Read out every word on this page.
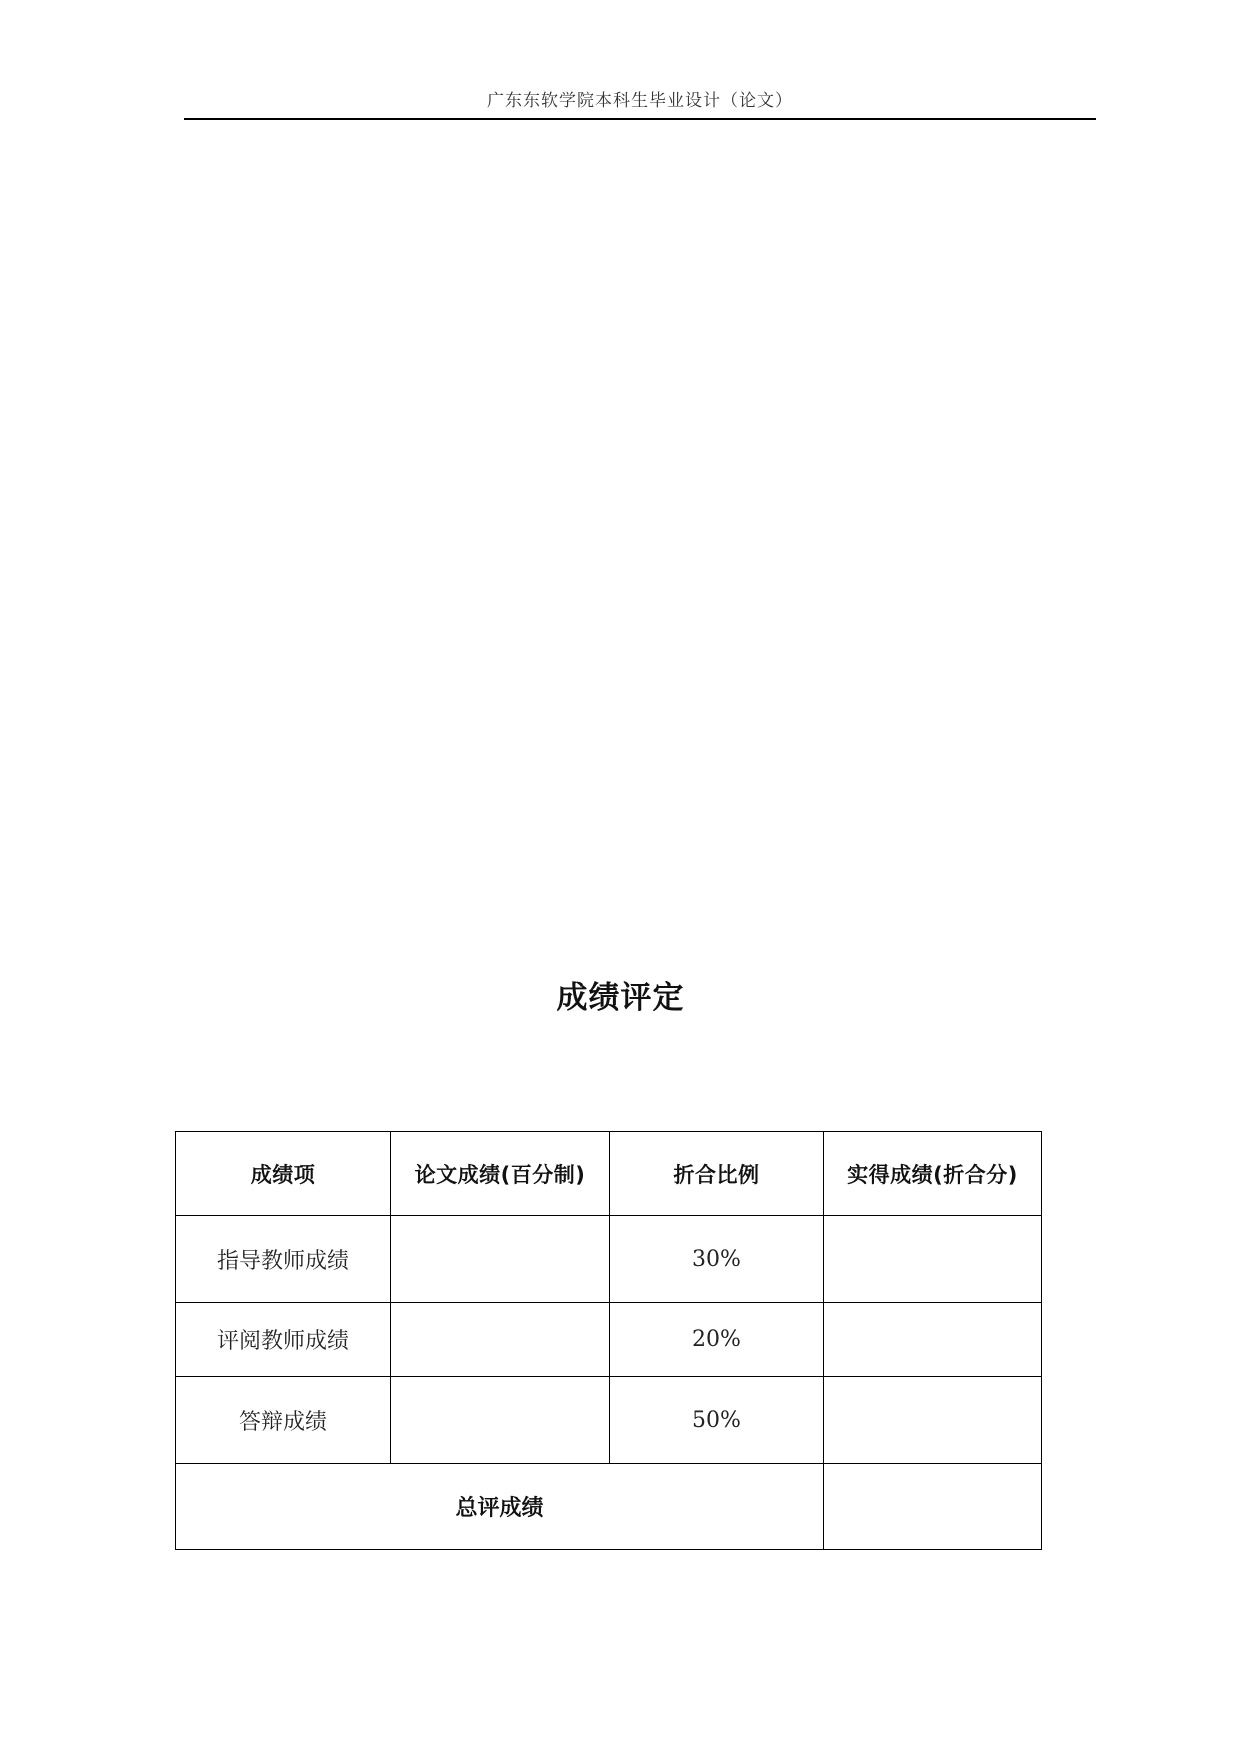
广东东软学院本科生毕业设计（论文）
成绩评定
成绩项	论文成绩(百分制)	折合比例	实得成绩(折合分)
指导教师成绩		30%	
评阅教师成绩		20%	
答辩成绩		50%	
总评成绩			
